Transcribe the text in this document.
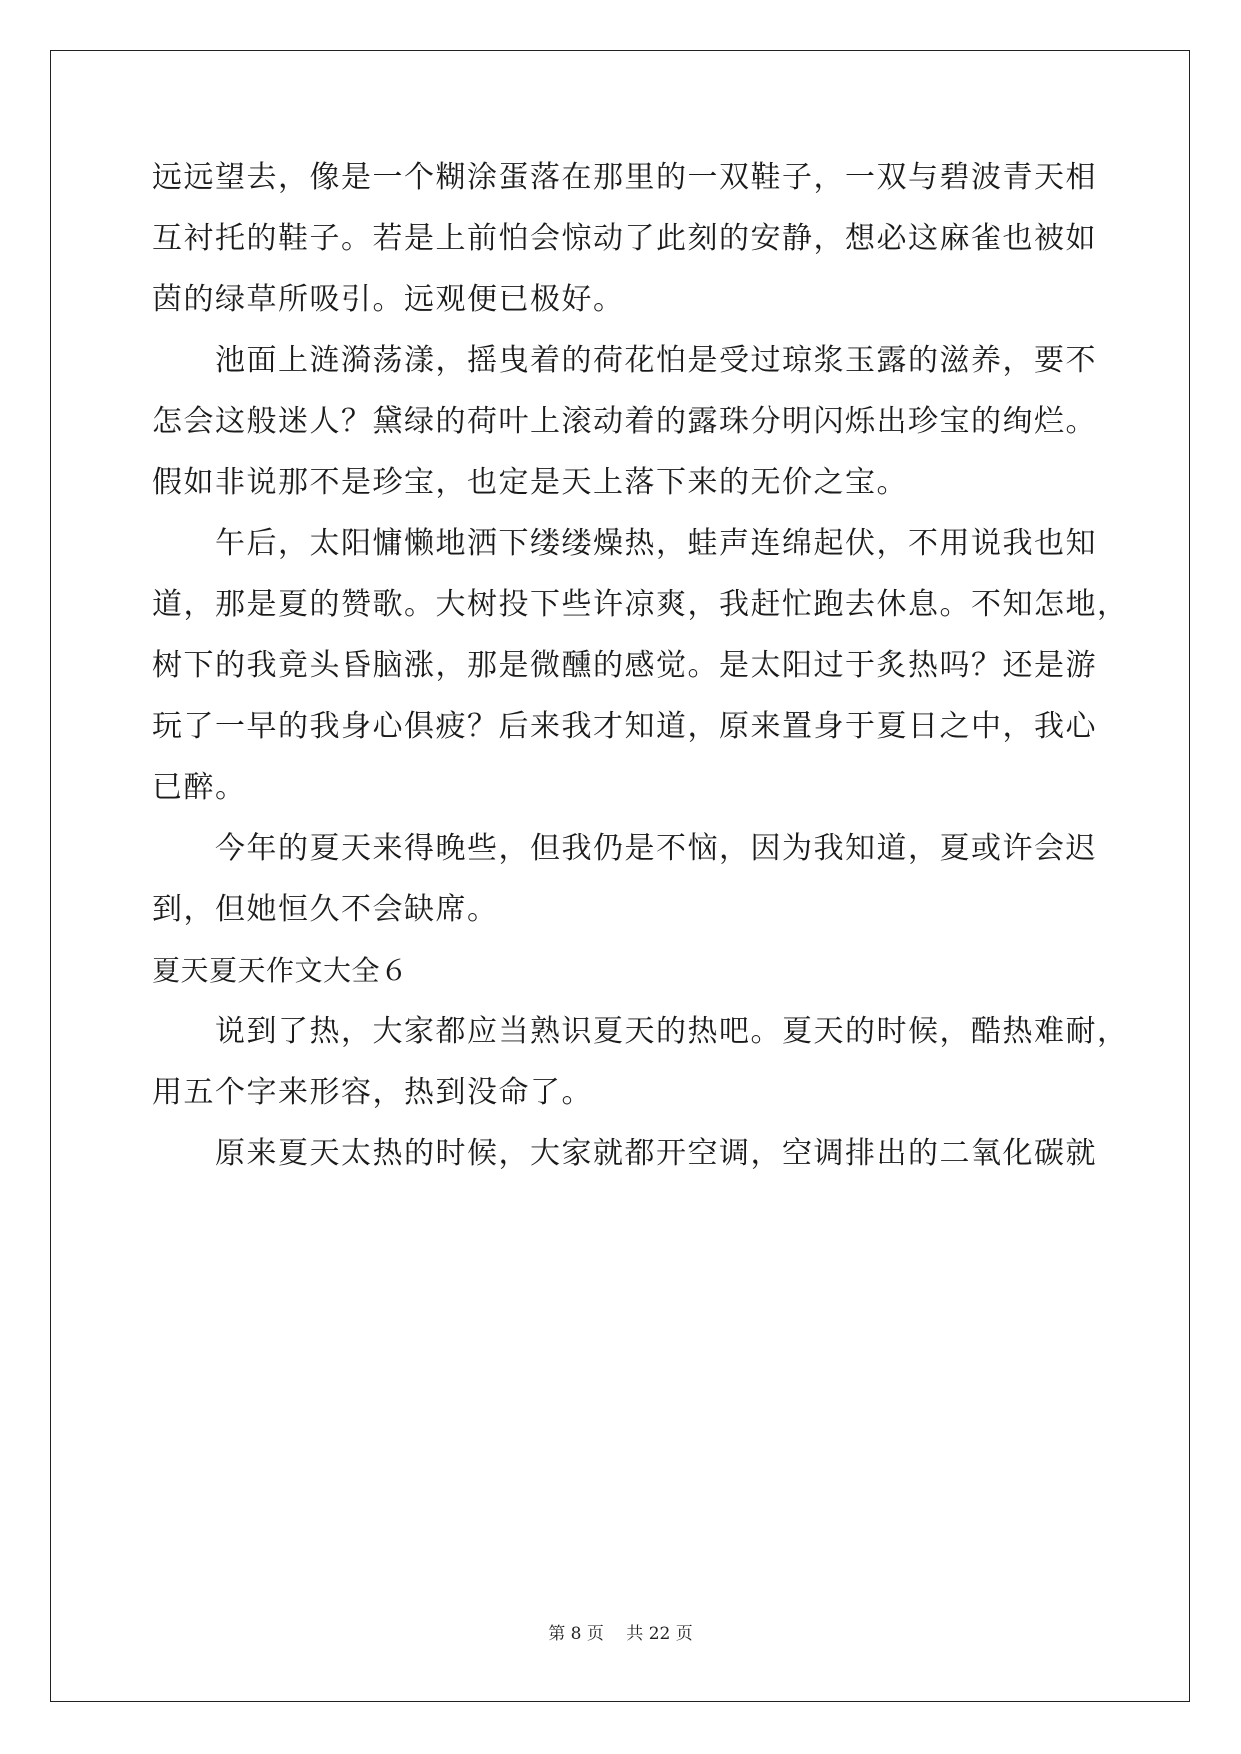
远远望去，像是一个糊涂蛋落在那里的一双鞋子，一双与碧波青天相
互衬托的鞋子。若是上前怕会惊动了此刻的安静，想必这麻雀也被如
茵的绿草所吸引。远观便已极好。
　　池面上涟漪荡漾，摇曳着的荷花怕是受过琼浆玉露的滋养，要不
怎会这般迷人？黛绿的荷叶上滚动着的露珠分明闪烁出珍宝的绚烂。
假如非说那不是珍宝，也定是天上落下来的无价之宝。
　　午后，太阳慵懒地洒下缕缕燥热，蛙声连绵起伏，不用说我也知
道，那是夏的赞歌。大树投下些许凉爽，我赶忙跑去休息。不知怎地，
树下的我竟头昏脑涨，那是微醺的感觉。是太阳过于炙热吗？还是游
玩了一早的我身心俱疲？后来我才知道，原来置身于夏日之中，我心
已醉。
　　今年的夏天来得晚些，但我仍是不恼，因为我知道，夏或许会迟
到，但她恒久不会缺席。
夏天夏天作文大全６
　　说到了热，大家都应当熟识夏天的热吧。夏天的时候，酷热难耐，
用五个字来形容，热到没命了。
　　原来夏天太热的时候，大家就都开空调，空调排出的二氧化碳就
第 8 页　 共 22 页
